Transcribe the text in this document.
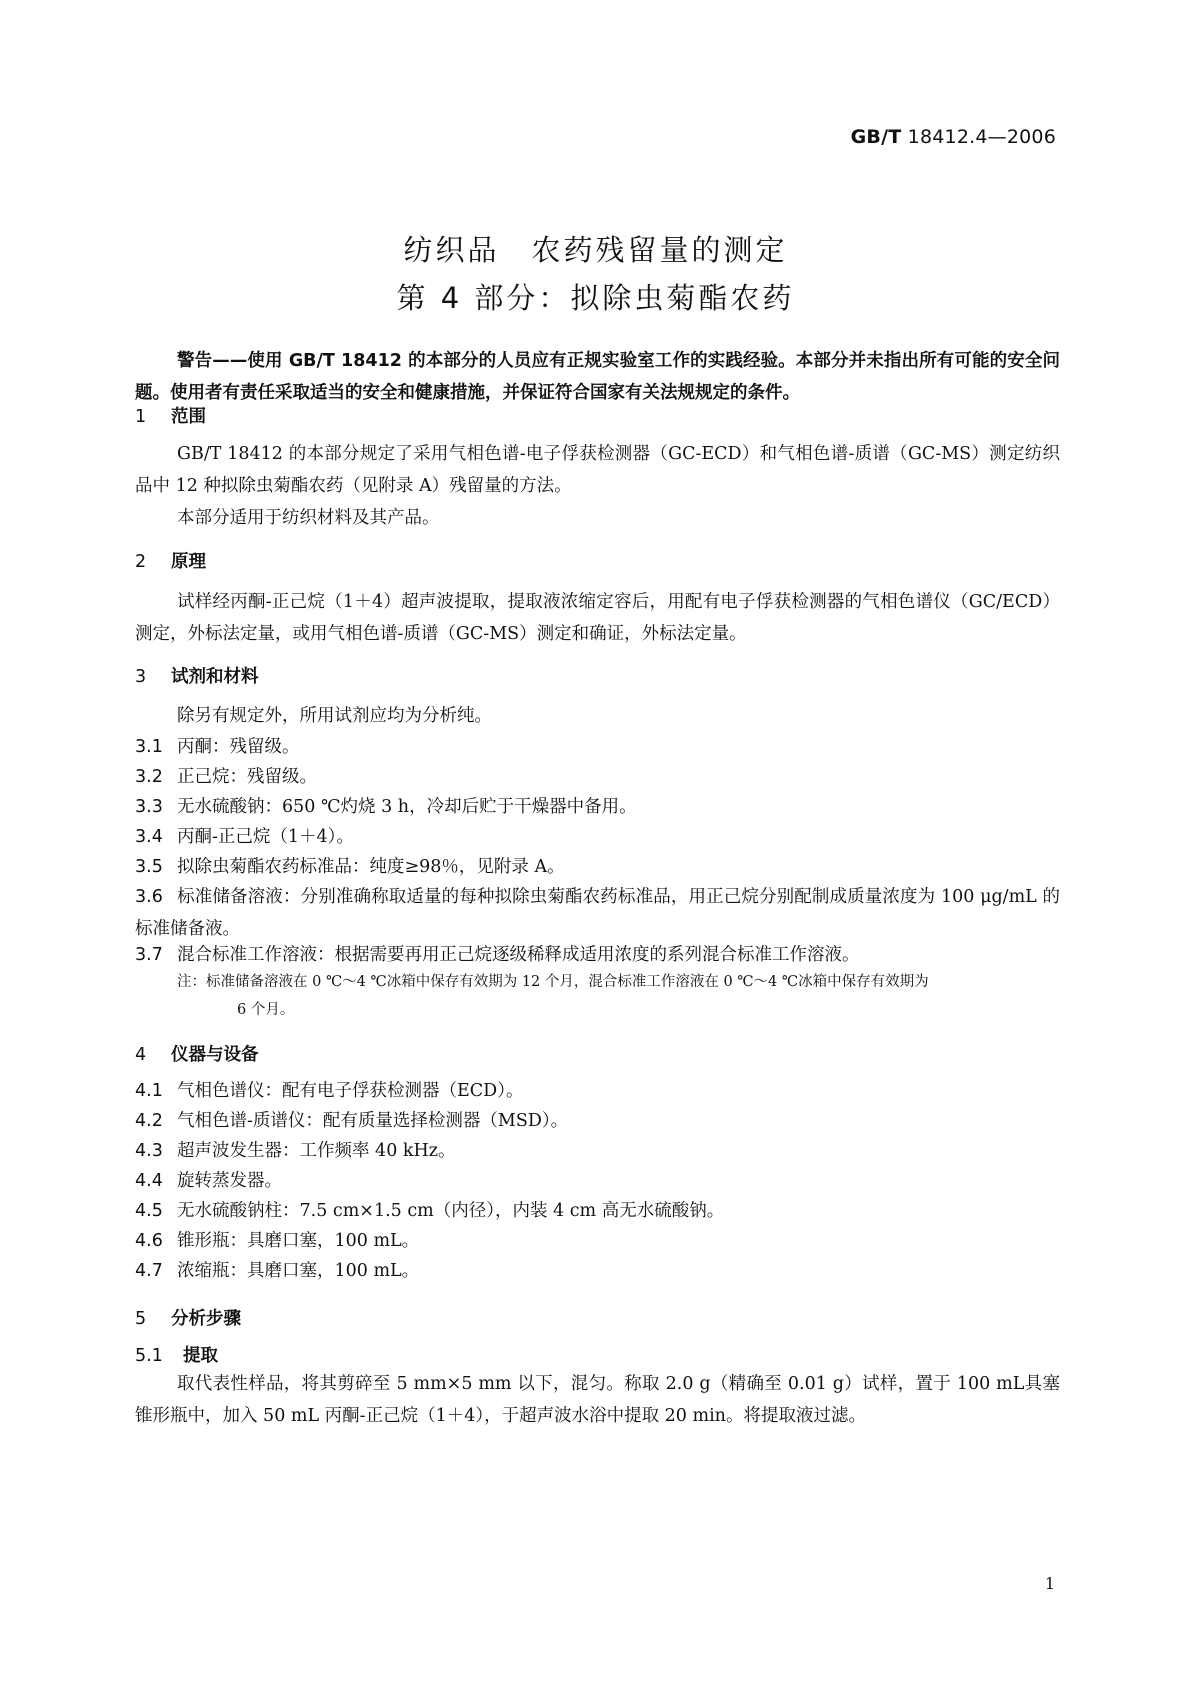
GB/T 18412.4—2006
纺织品　农药残留量的测定
第 4 部分：拟除虫菊酯农药
警告——使用 GB/T 18412 的本部分的人员应有正规实验室工作的实践经验。本部分并未指出所有可能的安全问题。使用者有责任采取适当的安全和健康措施，并保证符合国家有关法规规定的条件。
1 范围
GB/T 18412 的本部分规定了采用气相色谱-电子俘获检测器（GC-ECD）和气相色谱-质谱（GC-MS）测定纺织品中 12 种拟除虫菊酯农药（见附录 A）残留量的方法。
本部分适用于纺织材料及其产品。
2 原理
试样经丙酮-正己烷（1＋4）超声波提取，提取液浓缩定容后，用配有电子俘获检测器的气相色谱仪（GC/ECD）测定，外标法定量，或用气相色谱-质谱（GC-MS）测定和确证，外标法定量。
3 试剂和材料
除另有规定外，所用试剂应均为分析纯。
3.1 丙酮：残留级。
3.2 正己烷：残留级。
3.3 无水硫酸钠：650 ℃灼烧 3 h，冷却后贮于干燥器中备用。
3.4 丙酮-正己烷（1＋4）。
3.5 拟除虫菊酯农药标准品：纯度≥98％，见附录 A。
3.6 标准储备溶液：分别准确称取适量的每种拟除虫菊酯农药标准品，用正己烷分别配制成质量浓度为 100 μg/mL 的标准储备液。
3.7 混合标准工作溶液：根据需要再用正己烷逐级稀释成适用浓度的系列混合标准工作溶液。
注：标准储备溶液在 0 ℃～4 ℃冰箱中保存有效期为 12 个月，混合标准工作溶液在 0 ℃～4 ℃冰箱中保存有效期为
6 个月。
4 仪器与设备
4.1 气相色谱仪：配有电子俘获检测器（ECD）。
4.2 气相色谱-质谱仪：配有质量选择检测器（MSD）。
4.3 超声波发生器：工作频率 40 kHz。
4.4 旋转蒸发器。
4.5 无水硫酸钠柱：7.5 cm×1.5 cm（内径），内装 4 cm 高无水硫酸钠。
4.6 锥形瓶：具磨口塞，100 mL。
4.7 浓缩瓶：具磨口塞，100 mL。
5 分析步骤
5.1 提取
取代表性样品，将其剪碎至 5 mm×5 mm 以下，混匀。称取 2.0 g（精确至 0.01 g）试样，置于 100 mL具塞锥形瓶中，加入 50 mL 丙酮-正己烷（1＋4），于超声波水浴中提取 20 min。将提取液过滤。
1
